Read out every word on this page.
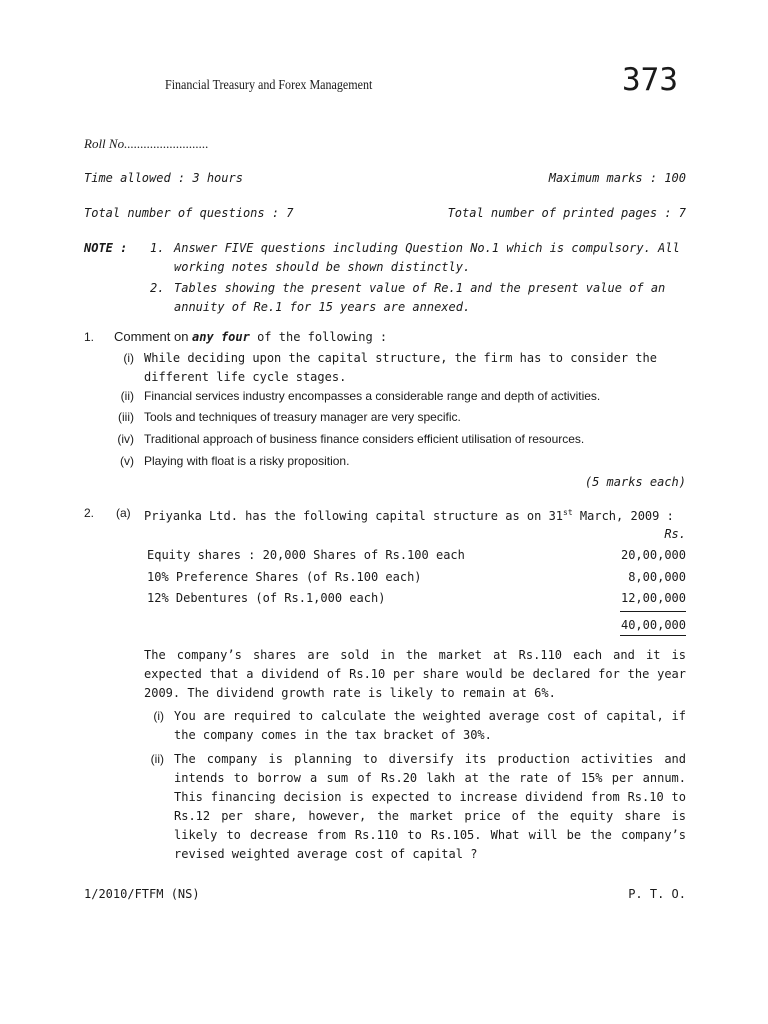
Financial Treasury and Forex Management	373
Roll No..........................
Time allowed : 3 hours	Maximum marks : 100
Total number of questions : 7	Total number of printed pages : 7
NOTE : 1. Answer FIVE questions including Question No.1 which is compulsory. All working notes should be shown distinctly.
2. Tables showing the present value of Re.1 and the present value of an annuity of Re.1 for 15 years are annexed.
1. Comment on any four of the following :
(i) While deciding upon the capital structure, the firm has to consider the different life cycle stages.
(ii) Financial services industry encompasses a considerable range and depth of activities.
(iii) Tools and techniques of treasury manager are very specific.
(iv) Traditional approach of business finance considers efficient utilisation of resources.
(v) Playing with float is a risky proposition.
(5 marks each)
2. (a) Priyanka Ltd. has the following capital structure as on 31st March, 2009 :
Rs.
Equity shares : 20,000 Shares of Rs.100 each	20,00,000
10% Preference Shares (of Rs.100 each)	8,00,000
12% Debentures (of Rs.1,000 each)	12,00,000
40,00,000
The company’s shares are sold in the market at Rs.110 each and it is expected that a dividend of Rs.10 per share would be declared for the year 2009. The dividend growth rate is likely to remain at 6%.
(i) You are required to calculate the weighted average cost of capital, if the company comes in the tax bracket of 30%.
(ii) The company is planning to diversify its production activities and intends to borrow a sum of Rs.20 lakh at the rate of 15% per annum. This financing decision is expected to increase dividend from Rs.10 to Rs.12 per share, however, the market price of the equity share is likely to decrease from Rs.110 to Rs.105. What will be the company’s revised weighted average cost of capital ?
1/2010/FTFM (NS)	P. T. O.
